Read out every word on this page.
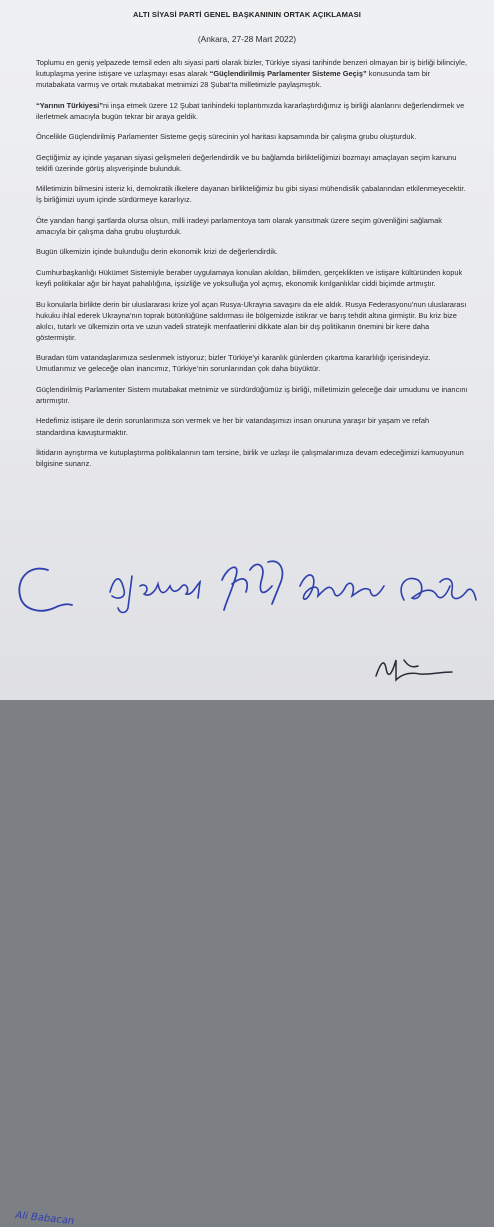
ALTI SİYASİ PARTİ GENEL BAŞKANININ ORTAK AÇIKLAMASI
(Ankara, 27-28 Mart 2022)

Toplumu en geniş yelpazede temsil eden altı siyasi parti olarak bizler, Türkiye siyasi tarihinde benzeri olmayan bir iş birliği bilinciyle, kutuplaşma yerine istişare ve uzlaşmayı esas alarak “Güçlendirilmiş Parlamenter Sisteme Geçiş” konusunda tam bir mutabakata varmış ve ortak mutabakat metnimizi 28 Şubat’ta milletimizle paylaşmıştık.

“Yarının Türkiyesi”ni inşa etmek üzere 12 Şubat tarihindeki toplantımızda kararlaştırdığımız iş birliği alanlarını değerlendirmek ve ilerletmek amacıyla bugün tekrar bir araya geldik.

Öncelikle Güçlendirilmiş Parlamenter Sisteme geçiş sürecinin yol haritası kapsamında bir çalışma grubu oluşturduk.

Geçtiğimiz ay içinde yaşanan siyasi gelişmeleri değerlendirdik ve bu bağlamda birlikteliğimizi bozmayı amaçlayan seçim kanunu teklifi üzerinde görüş alışverişinde bulunduk.

Milletimizin bilmesini isteriz ki, demokratik ilkelere dayanan birlikteliğimiz bu gibi siyasi mühendislik çabalarından etkilenmeyecektir. İş birliğimizi uyum içinde sürdürmeye kararlıyız.

Öte yandan hangi şartlarda olursa olsun, milli iradeyi parlamentoya tam olarak yansıtmak üzere seçim güvenliğini sağlamak amacıyla bir çalışma daha grubu oluşturduk.

Bugün ülkemizin içinde bulunduğu derin ekonomik krizi de değerlendirdik.

Cumhurbaşkanlığı Hükümet Sistemiyle beraber uygulamaya konulan akıldan, bilimden, gerçeklikten ve istişare kültüründen kopuk keyfi politikalar ağır bir hayat pahalılığına, işsizliğe ve yoksulluğa yol açmış, ekonomik kırılganlıklar ciddi biçimde artmıştır.

Bu konularla birlikte derin bir uluslararası krize yol açan Rusya-Ukrayna savaşını da ele aldık. Rusya Federasyonu’nun uluslararası hukuku ihlal ederek Ukrayna’nın toprak bütünlüğüne saldırması ile bölgemizde istikrar ve barış tehdit altına girmiştir. Bu kriz bize akılcı, tutarlı ve ülkemizin orta ve uzun vadeli stratejik menfaatlerini dikkate alan bir dış politikanın önemini bir kere daha göstermiştir.

Buradan tüm vatandaşlarımıza seslenmek istiyoruz; bizler Türkiye’yi karanlık günlerden çıkartma kararlılığı içerisindeyiz. Umutlarımız ve geleceğe olan inancımız, Türkiye’nin sorunlarından çok daha büyüktür.

Güçlendirilmiş Parlamenter Sistem mutabakat metnimiz ve sürdürdüğümüz iş birliği, milletimizin geleceğe dair umudunu ve inancını artırmıştır.

Hedefimiz istişare ile derin sorunlarımıza son vermek ve her bir vatandaşımızı insan onuruna yaraşır bir yaşam ve refah standardına kavuşturmaktır.

İktidarın ayrıştırma ve kutuplaştırma politikalarının tam tersine, birlik ve uzlaşı ile çalışmalarımıza devam edeceğimizi kamuoyunun bilgisine sunarız.

Ali Babacan
